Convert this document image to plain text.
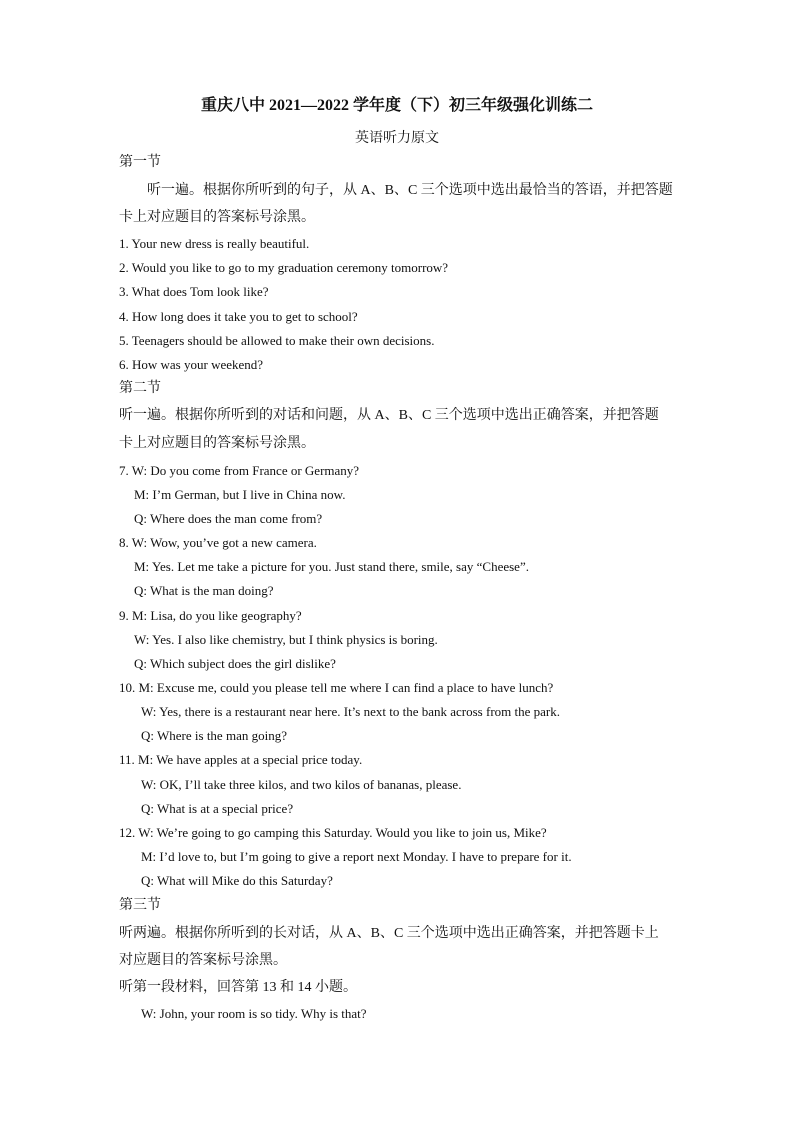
重庆八中 2021—2022 学年度（下）初三年级强化训练二
英语听力原文
第一节
听一遍。根据你所听到的句子，从 A、B、C 三个选项中选出最恰当的答语，并把答题
卡上对应题目的答案标号涂黑。
1. Your new dress is really beautiful.
2. Would you like to go to my graduation ceremony tomorrow?
3. What does Tom look like?
4. How long does it take you to get to school?
5. Teenagers should be allowed to make their own decisions.
6. How was your weekend?
第二节
听一遍。根据你所听到的对话和问题，从 A、B、C 三个选项中选出正确答案，并把答题
卡上对应题目的答案标号涂黑。
7. W: Do you come from France or Germany?
M: I’m German, but I live in China now.
Q: Where does the man come from?
8. W: Wow, you’ve got a new camera.
M: Yes. Let me take a picture for you. Just stand there, smile, say “Cheese”.
Q: What is the man doing?
9. M: Lisa, do you like geography?
W: Yes. I also like chemistry, but I think physics is boring.
Q: Which subject does the girl dislike?
10. M: Excuse me, could you please tell me where I can find a place to have lunch?
W: Yes, there is a restaurant near here. It’s next to the bank across from the park.
Q: Where is the man going?
11. M: We have apples at a special price today.
W: OK, I’ll take three kilos, and two kilos of bananas, please.
Q: What is at a special price?
12. W: We’re going to go camping this Saturday. Would you like to join us, Mike?
M: I’d love to, but I’m going to give a report next Monday. I have to prepare for it.
Q: What will Mike do this Saturday?
第三节
听两遍。根据你所听到的长对话，从 A、B、C 三个选项中选出正确答案，并把答题卡上
对应题目的答案标号涂黑。
听第一段材料，回答第 13 和 14 小题。
W: John, your room is so tidy. Why is that?
